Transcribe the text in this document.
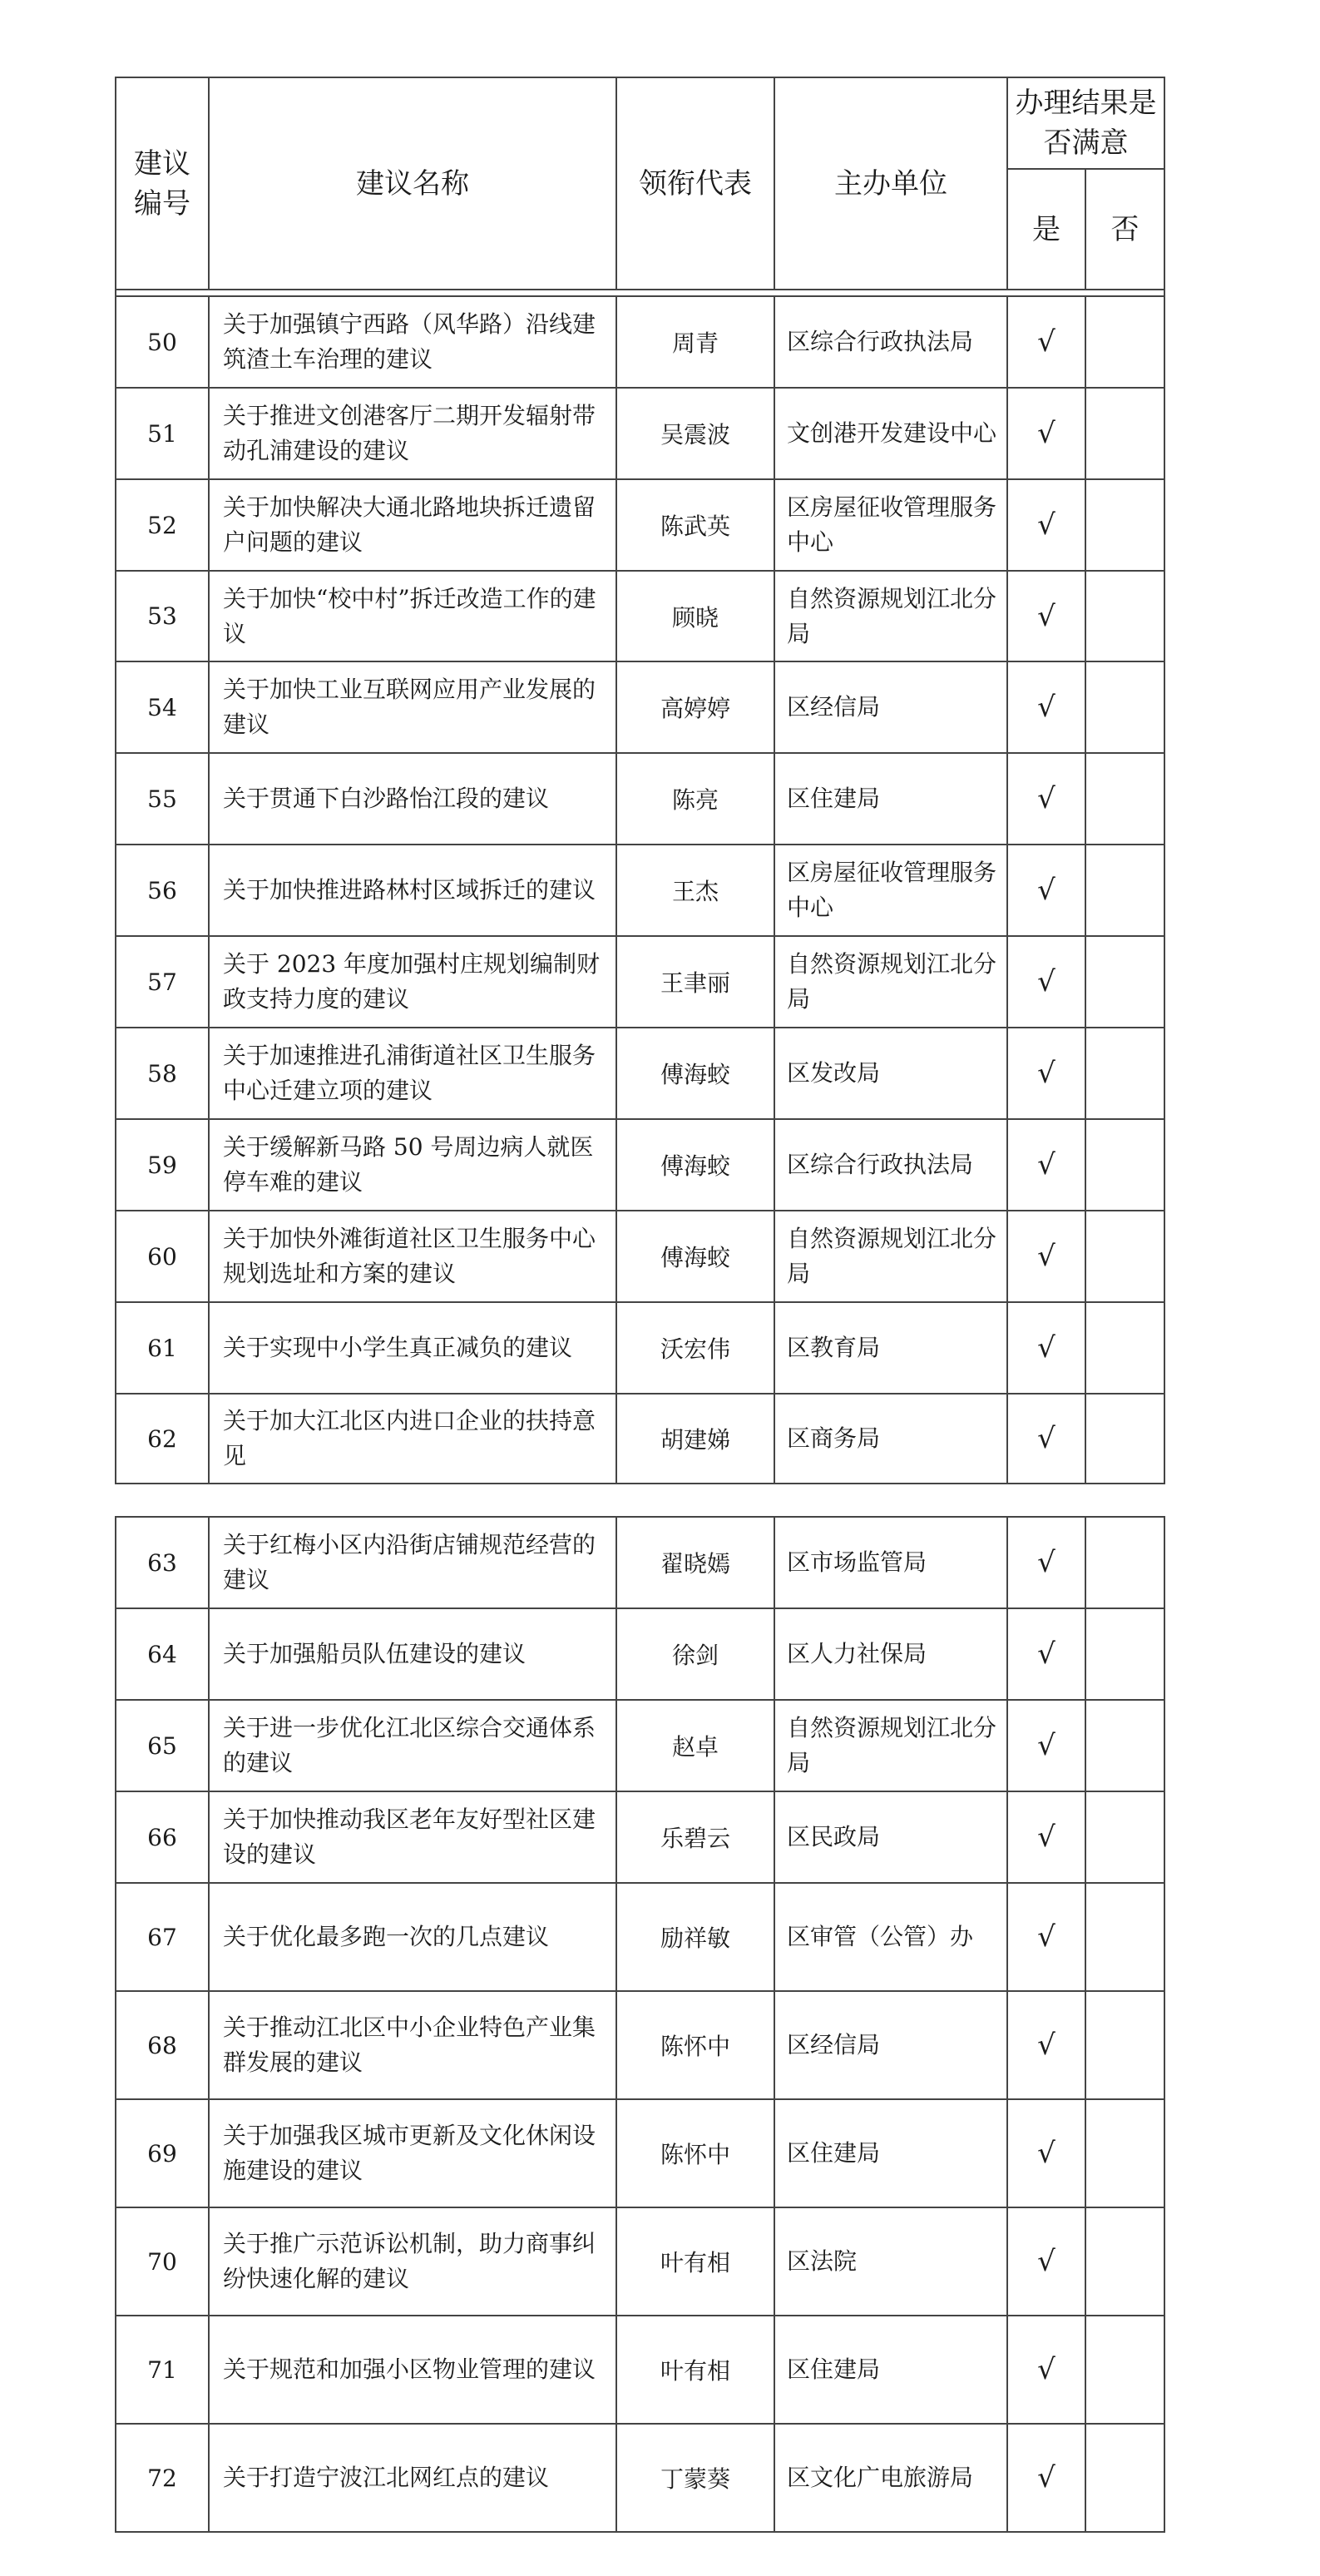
建议编号	建议名称	领衔代表	主办单位	办理结果是否满意	
				是	否

50	关于加强镇宁西路（风华路）沿线建筑渣土车治理的建议	周青	区综合行政执法局	√	
51	关于推进文创港客厅二期开发辐射带动孔浦建设的建议	吴震波	文创港开发建设中心	√	
52	关于加快解决大通北路地块拆迁遗留户问题的建议	陈武英	区房屋征收管理服务中心	√	
53	关于加快“校中村”拆迁改造工作的建议	顾晓	自然资源规划江北分局	√	
54	关于加快工业互联网应用产业发展的建议	高婷婷	区经信局	√	
55	关于贯通下白沙路怡江段的建议	陈亮	区住建局	√	
56	关于加快推进路林村区域拆迁的建议	王杰	区房屋征收管理服务中心	√	
57	关于 2023 年度加强村庄规划编制财政支持力度的建议	王聿丽	自然资源规划江北分局	√	
58	关于加速推进孔浦街道社区卫生服务中心迁建立项的建议	傅海蛟	区发改局	√	
59	关于缓解新马路 50 号周边病人就医停车难的建议	傅海蛟	区综合行政执法局	√	
60	关于加快外滩街道社区卫生服务中心规划选址和方案的建议	傅海蛟	自然资源规划江北分局	√	
61	关于实现中小学生真正减负的建议	沃宏伟	区教育局	√	
62	关于加大江北区内进口企业的扶持意见	胡建娣	区商务局	√	
63	关于红梅小区内沿街店铺规范经营的建议	翟晓嫣	区市场监管局	√	
64	关于加强船员队伍建设的建议	徐剑	区人力社保局	√	
65	关于进一步优化江北区综合交通体系的建议	赵卓	自然资源规划江北分局	√	
66	关于加快推动我区老年友好型社区建设的建议	乐碧云	区民政局	√	
67	关于优化最多跑一次的几点建议	励祥敏	区审管（公管）办	√	
68	关于推动江北区中小企业特色产业集群发展的建议	陈怀中	区经信局	√	
69	关于加强我区城市更新及文化休闲设施建设的建议	陈怀中	区住建局	√	
70	关于推广示范诉讼机制，助力商事纠纷快速化解的建议	叶有相	区法院	√	
71	关于规范和加强小区物业管理的建议	叶有相	区住建局	√	
72	关于打造宁波江北网红点的建议	丁蒙葵	区文化广电旅游局	√	
